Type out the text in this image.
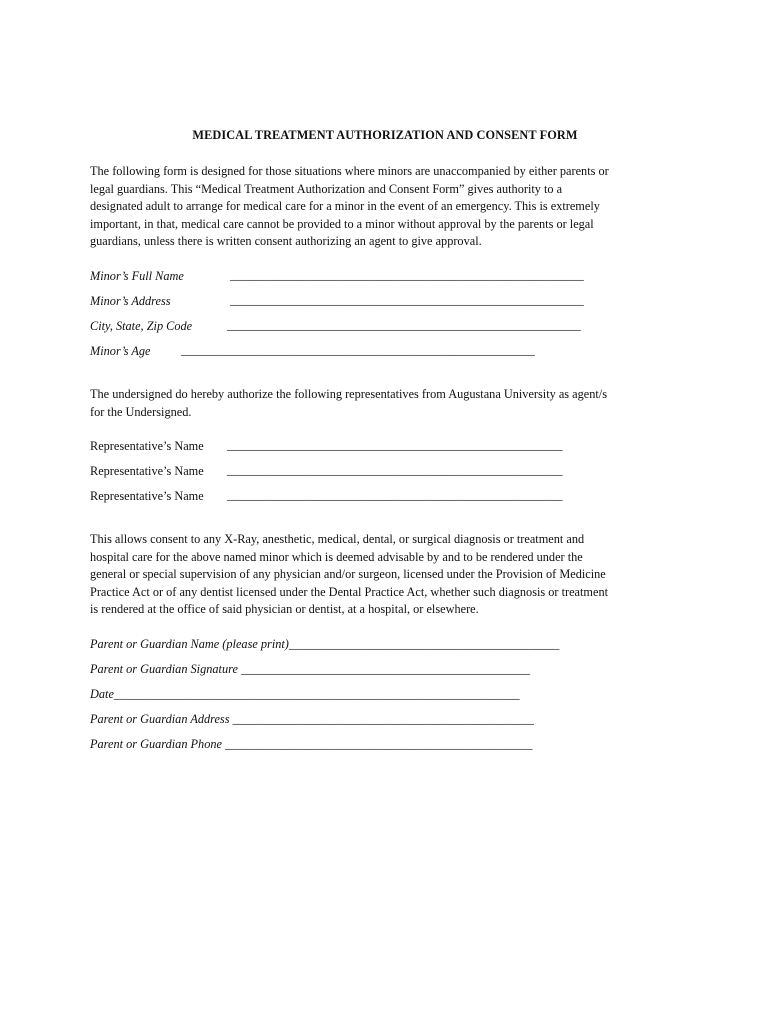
MEDICAL TREATMENT AUTHORIZATION AND CONSENT FORM

The following form is designed for those situations where minors are unaccompanied by either parents or
legal guardians. This “Medical Treatment Authorization and Consent Form” gives authority to a
designated adult to arrange for medical care for a minor in the event of an emergency. This is extremely
important, in that, medical care cannot be provided to a minor without approval by the parents or legal
guardians, unless there is written consent authorizing an agent to give approval.

Minor’s Full Name	__________________________________________________________
Minor’s Address	__________________________________________________________
City, State, Zip Code	__________________________________________________________
Minor’s Age __________________________________________________________

The undersigned do hereby authorize the following representatives from Augustana University as agent/s
for the Undersigned.

Representative’s Name _______________________________________________________
Representative’s Name _______________________________________________________
Representative’s Name _______________________________________________________

This allows consent to any X-Ray, anesthetic, medical, dental, or surgical diagnosis or treatment and
hospital care for the above named minor which is deemed advisable by and to be rendered under the
general or special supervision of any physician and/or surgeon, licensed under the Provision of Medicine
Practice Act or of any dentist licensed under the Dental Practice Act, whether such diagnosis or treatment
is rendered at the office of said physician or dentist, at a hospital, or elsewhere.

Parent or Guardian Name (please print)____________________________________________
Parent or Guardian Signature _______________________________________________
Date__________________________________________________________________
Parent or Guardian Address _________________________________________________
Parent or Guardian Phone __________________________________________________
